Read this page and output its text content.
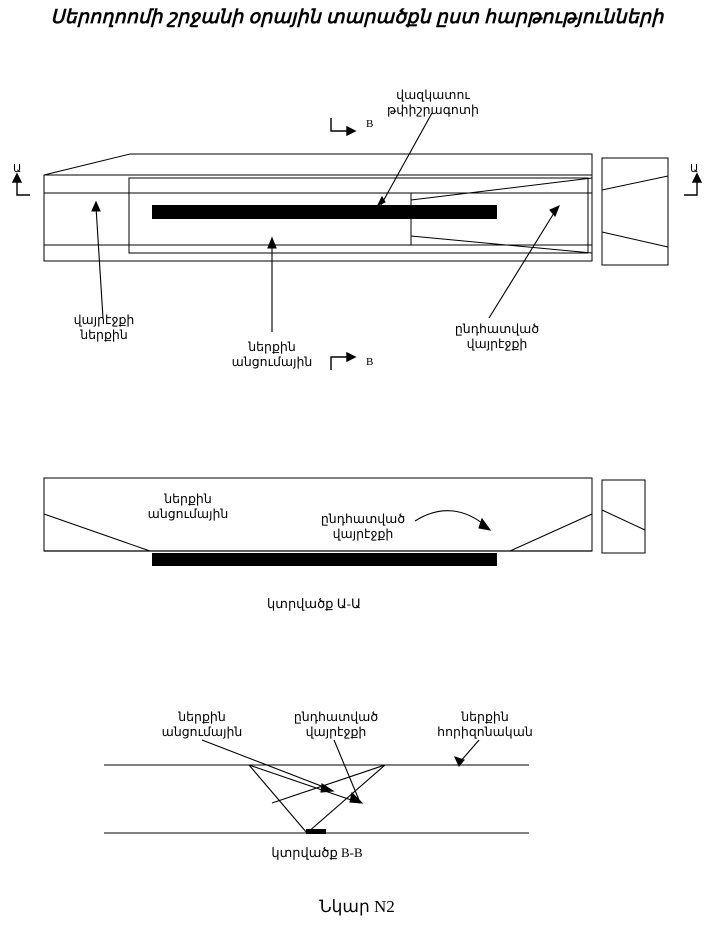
Սերողոոմի շրջանի օրային տարածքն ըստ հարթությունների
B
B
Ա	Ա
վազկատու
թփիշրագոտի
վայրէջքի
ներքին
ներքին
անցումային
ընդհատված
վայրէջքի
ներքին
անցումային	ընդհատված
վայրէջքի
կտրվածք Ա-Ա
ներքին
անցումային
ընդհատված
վայրէջքի
ներքին
հորիզոնական
կտրվածք B-B
Նկար N2
